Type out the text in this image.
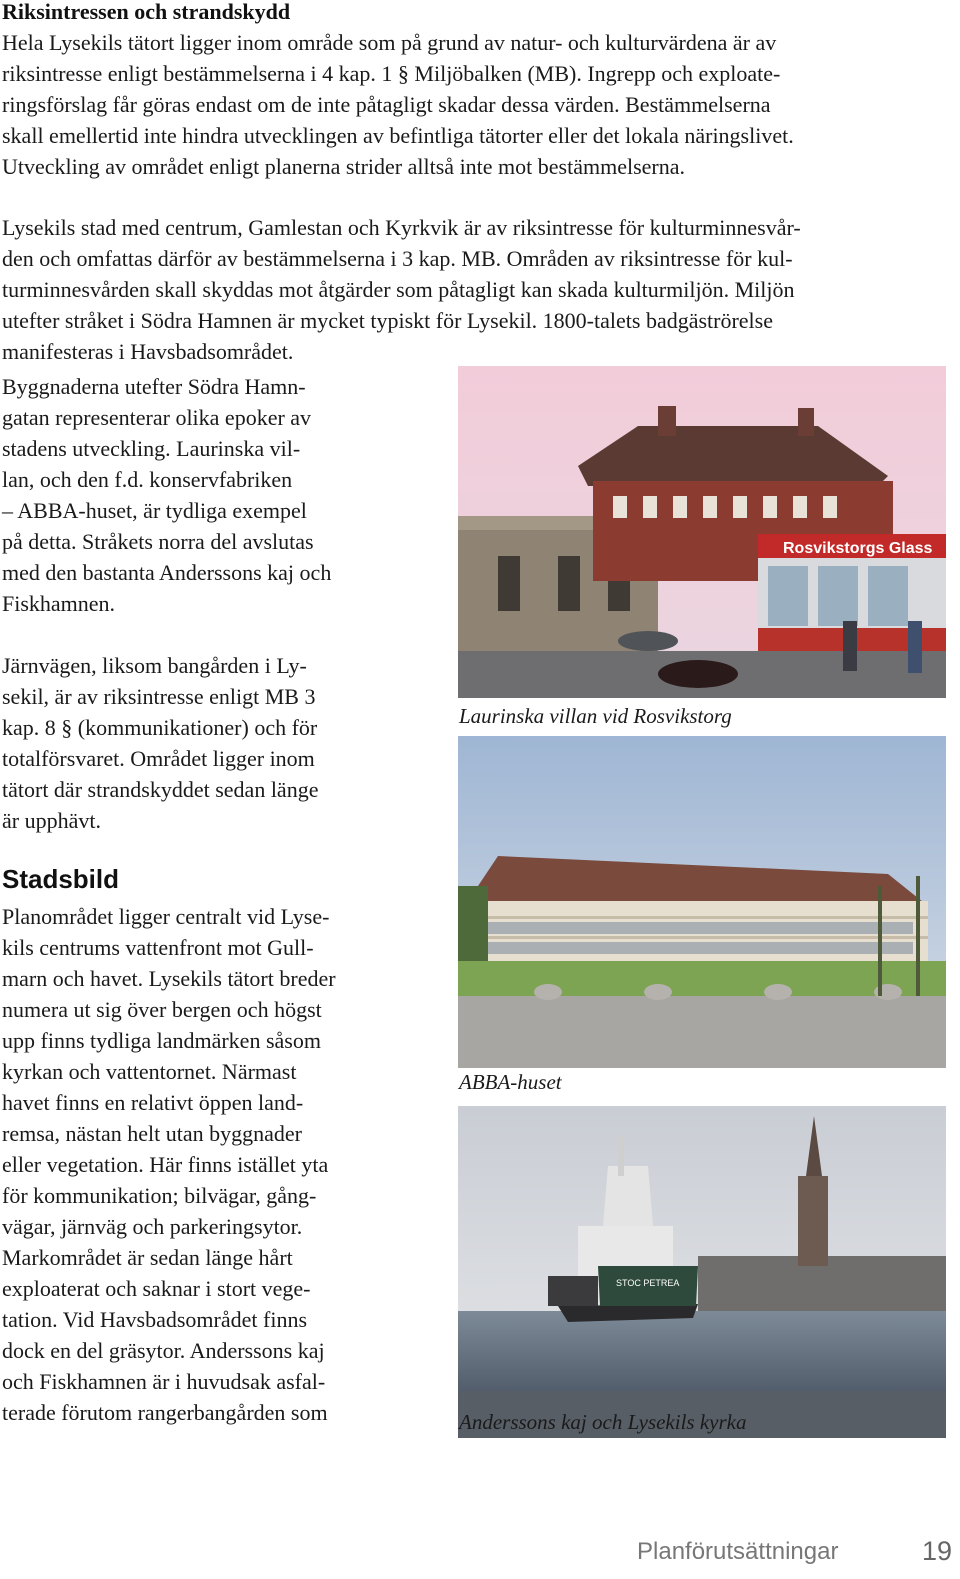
Riksintressen och strandskydd
Hela Lysekils tätort ligger inom område som på grund av natur- och kulturvärdena är av
riksintresse enligt bestämmelserna i 4 kap. 1 § Miljöbalken (MB). Ingrepp och exploate-
ringsförslag får göras endast om de inte påtagligt skadar dessa värden. Bestämmelserna
skall emellertid inte hindra utvecklingen av befintliga tätorter eller det lokala näringslivet.
Utveckling av området enligt planerna strider alltså inte mot bestämmelserna.
Lysekils stad med centrum, Gamlestan och Kyrkvik är av riksintresse för kulturminnesvår-
den och omfattas därför av bestämmelserna i 3 kap. MB. Områden av riksintresse för kul-
turminnesvården skall skyddas mot åtgärder som påtagligt kan skada kulturmiljön. Miljön
utefter stråket i Södra Hamnen är mycket typiskt för Lysekil. 1800-talets badgäströrelse
manifesteras i Havsbadsområdet.
Byggnaderna utefter Södra Hamn-
gatan representerar olika epoker av
stadens utveckling. Laurinska vil-
lan, och den f.d. konservfabriken
– ABBA-huset, är tydliga exempel
på detta. Stråkets norra del avslutas
med den bastanta Anderssons kaj och
Fiskhamnen.
Järnvägen, liksom bangården i Ly-
sekil, är av riksintresse enligt MB 3
kap. 8 § (kommunikationer) och för
totalförsvaret. Området ligger inom
tätort där strandskyddet sedan länge
är upphävt.
Stadsbild
Planområdet ligger centralt vid Lyse-
kils centrums vattenfront mot Gull-
marn och havet. Lysekils tätort breder
numera ut sig över bergen och högst
upp finns tydliga landmärken såsom
kyrkan och vattentornet. Närmast
havet finns en relativt öppen land-
remsa, nästan helt utan byggnader
eller vegetation. Här finns istället yta
för kommunikation; bilvägar, gång-
vägar, järnväg och parkeringsytor.
Markområdet är sedan länge hårt
exploaterat och saknar i stort vege-
tation. Vid Havsbadsområdet finns
dock en del gräsytor. Anderssons kaj
och Fiskhamnen är i huvudsak asfal-
terade förutom rangerbangården som
Rosvikstorgs Glass
Laurinska villan vid Rosvikstorg
ABBA-huset
STOC PETREA
Anderssons kaj och Lysekils kyrka
Planförutsättningar	19
